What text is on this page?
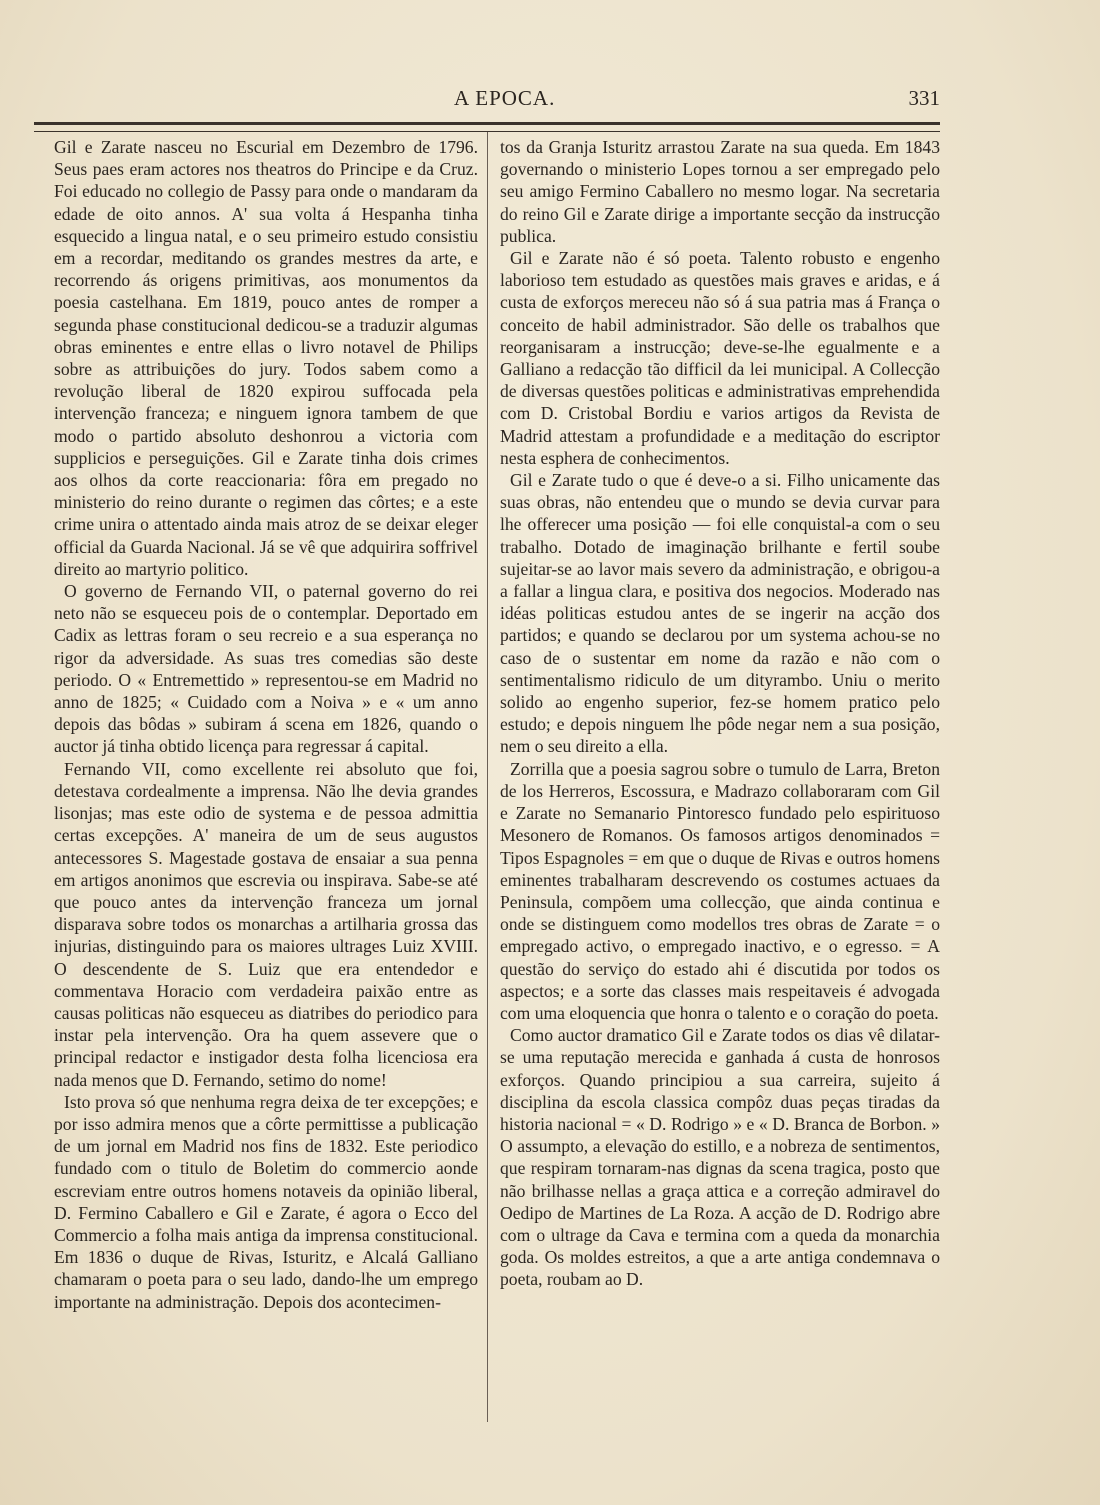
A EPOCA.	331

Gil e Zarate nasceu no Escurial em Dezembro de 1796. Seus paes eram actores nos theatros do Principe e da Cruz. Foi educado no collegio de Passy para onde o mandaram da edade de oito annos. A' sua volta á Hespanha tinha esquecido a lingua natal, e o seu primeiro estudo consistiu em a recordar, meditando os grandes mestres da arte, e recorrendo ás origens primitivas, aos monumentos da poesia castelhana. Em 1819, pouco antes de romper a segunda phase constitucional dedicou-se a traduzir algumas obras eminentes e entre ellas o livro notavel de Philips sobre as attribuições do jury. Todos sabem como a revolução liberal de 1820 expirou suffocada pela intervenção franceza; e ninguem ignora tambem de que modo o partido absoluto deshonrou a victoria com supplicios e perseguições. Gil e Zarate tinha dois crimes aos olhos da corte reaccionaria: fôra em pregado no ministerio do reino durante o regimen das côrtes; e a este crime unira o attentado ainda mais atroz de se deixar eleger official da Guarda Nacional. Já se vê que adquirira soffrivel direito ao martyrio politico.

O governo de Fernando VII, o paternal governo do rei neto não se esqueceu pois de o contemplar. Deportado em Cadix as lettras foram o seu recreio e a sua esperança no rigor da adversidade. As suas tres comedias são deste periodo. O « Entremettido » representou-se em Madrid no anno de 1825; « Cuidado com a Noiva » e « um anno depois das bôdas » subiram á scena em 1826, quando o auctor já tinha obtido licença para regressar á capital.

Fernando VII, como excellente rei absoluto que foi, detestava cordealmente a imprensa. Não lhe devia grandes lisonjas; mas este odio de systema e de pessoa admittia certas excepções. A' maneira de um de seus augustos antecessores S. Magestade gostava de ensaiar a sua penna em artigos anonimos que escrevia ou inspirava. Sabe-se até que pouco antes da intervenção franceza um jornal disparava sobre todos os monarchas a artilharia grossa das injurias, distinguindo para os maiores ultrages Luiz XVIII. O descendente de S. Luiz que era entendedor e commentava Horacio com verdadeira paixão entre as causas politicas não esqueceu as diatribes do periodico para instar pela intervenção. Ora ha quem assevere que o principal redactor e instigador desta folha licenciosa era nada menos que D. Fernando, setimo do nome!

Isto prova só que nenhuma regra deixa de ter excepções; e por isso admira menos que a côrte permittisse a publicação de um jornal em Madrid nos fins de 1832. Este periodico fundado com o titulo de Boletim do commercio aonde escreviam entre outros homens notaveis da opinião liberal, D. Fermino Caballero e Gil e Zarate, é agora o Ecco del Commercio a folha mais antiga da imprensa constitucional. Em 1836 o duque de Rivas, Isturitz, e Alcalá Galliano chamaram o poeta para o seu lado, dando-lhe um emprego importante na administração. Depois dos acontecimen-

tos da Granja Isturitz arrastou Zarate na sua queda. Em 1843 governando o ministerio Lopes tornou a ser empregado pelo seu amigo Fermino Caballero no mesmo logar. Na secretaria do reino Gil e Zarate dirige a importante secção da instrucção publica.

Gil e Zarate não é só poeta. Talento robusto e engenho laborioso tem estudado as questões mais graves e aridas, e á custa de exforços mereceu não só á sua patria mas á França o conceito de habil administrador. São delle os trabalhos que reorganisaram a instrucção; deve-se-lhe egualmente e a Galliano a redacção tão difficil da lei municipal. A Collecção de diversas questões politicas e administrativas emprehendida com D. Cristobal Bordiu e varios artigos da Revista de Madrid attestam a profundidade e a meditação do escriptor nesta esphera de conhecimentos.

Gil e Zarate tudo o que é deve-o a si. Filho unicamente das suas obras, não entendeu que o mundo se devia curvar para lhe offerecer uma posição — foi elle conquistal-a com o seu trabalho. Dotado de imaginação brilhante e fertil soube sujeitar-se ao lavor mais severo da administração, e obrigou-a a fallar a lingua clara, e positiva dos negocios. Moderado nas idéas politicas estudou antes de se ingerir na acção dos partidos; e quando se declarou por um systema achou-se no caso de o sustentar em nome da razão e não com o sentimentalismo ridiculo de um dityrambo. Uniu o merito solido ao engenho superior, fez-se homem pratico pelo estudo; e depois ninguem lhe pôde negar nem a sua posição, nem o seu direito a ella.

Zorrilla que a poesia sagrou sobre o tumulo de Larra, Breton de los Herreros, Escossura, e Madrazo collaboraram com Gil e Zarate no Semanario Pintoresco fundado pelo espirituoso Mesonero de Romanos. Os famosos artigos denominados = Tipos Espagnoles = em que o duque de Rivas e outros homens eminentes trabalharam descrevendo os costumes actuaes da Peninsula, compõem uma collecção, que ainda continua e onde se distinguem como modellos tres obras de Zarate = o empregado activo, o empregado inactivo, e o egresso. = A questão do serviço do estado ahi é discutida por todos os aspectos; e a sorte das classes mais respeitaveis é advogada com uma eloquencia que honra o talento e o coração do poeta.

Como auctor dramatico Gil e Zarate todos os dias vê dilatar-se uma reputação merecida e ganhada á custa de honrosos exforços. Quando principiou a sua carreira, sujeito á disciplina da escola classica compôz duas peças tiradas da historia nacional = « D. Rodrigo » e « D. Branca de Borbon. » O assumpto, a elevação do estillo, e a nobreza de sentimentos, que respiram tornaram-nas dignas da scena tragica, posto que não brilhasse nellas a graça attica e a correção admiravel do Oedipo de Martines de La Roza. A acção de D. Rodrigo abre com o ultrage da Cava e termina com a queda da monarchia goda. Os moldes estreitos, a que a arte antiga condemnava o poeta, roubam ao D.
